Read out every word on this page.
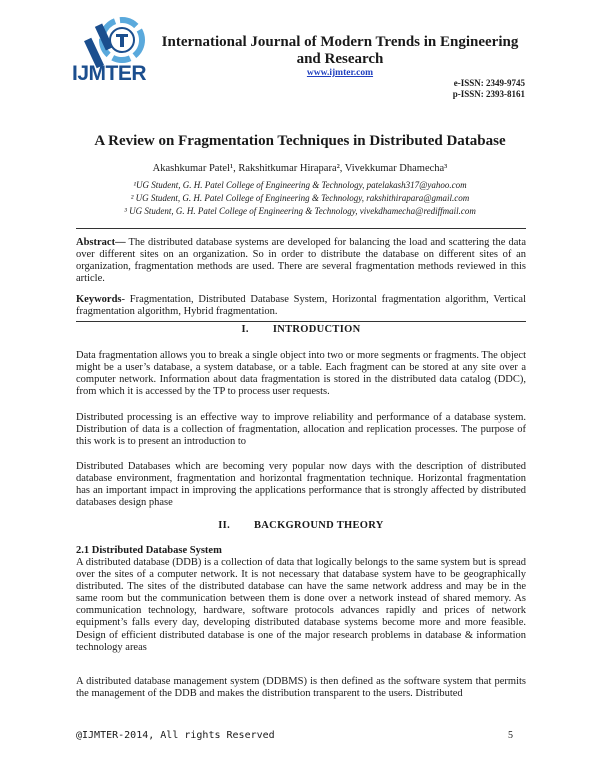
IJMTER
International Journal of Modern Trends in Engineering and Research
www.ijmter.com
e-ISSN: 2349-9745
p-ISSN: 2393-8161
A Review on Fragmentation Techniques in Distributed Database
Akashkumar Patel¹, Rakshitkumar Hirapara², Vivekkumar Dhamecha³
¹UG Student, G. H. Patel College of Engineering & Technology, patelakash317@yahoo.com
² UG Student, G. H. Patel College of Engineering & Technology, rakshithirapara@gmail.com
³ UG Student, G. H. Patel College of Engineering & Technology, vivekdhamecha@rediffmail.com
Abstract— The distributed database systems are developed for balancing the load and scattering the data over different sites on an organization. So in order to distribute the database on different sites of an organization, fragmentation methods are used. There are several fragmentation methods reviewed in this article.
Keywords- Fragmentation, Distributed Database System, Horizontal fragmentation algorithm, Vertical fragmentation algorithm, Hybrid fragmentation.
I. INTRODUCTION
Data fragmentation allows you to break a single object into two or more segments or fragments. The object might be a user’s database, a system database, or a table. Each fragment can be stored at any site over a computer network. Information about data fragmentation is stored in the distributed data catalog (DDC), from which it is accessed by the TP to process user requests.
Distributed processing is an effective way to improve reliability and performance of a database system. Distribution of data is a collection of fragmentation, allocation and replication processes. The purpose of this work is to present an introduction to
Distributed Databases which are becoming very popular now days with the description of distributed database environment, fragmentation and horizontal fragmentation technique. Horizontal fragmentation has an important impact in improving the applications performance that is strongly affected by distributed databases design phase
II. BACKGROUND THEORY
2.1 Distributed Database System
A distributed database (DDB) is a collection of data that logically belongs to the same system but is spread over the sites of a computer network. It is not necessary that database system have to be geographically distributed. The sites of the distributed database can have the same network address and may be in the same room but the communication between them is done over a network instead of shared memory. As communication technology, hardware, software protocols advances rapidly and prices of network equipment’s falls every day, developing distributed database systems become more and more feasible. Design of efficient distributed database is one of the major research problems in database & information technology areas
A distributed database management system (DDBMS) is then defined as the software system that permits the management of the DDB and makes the distribution transparent to the users. Distributed
@IJMTER-2014, All rights Reserved	5
